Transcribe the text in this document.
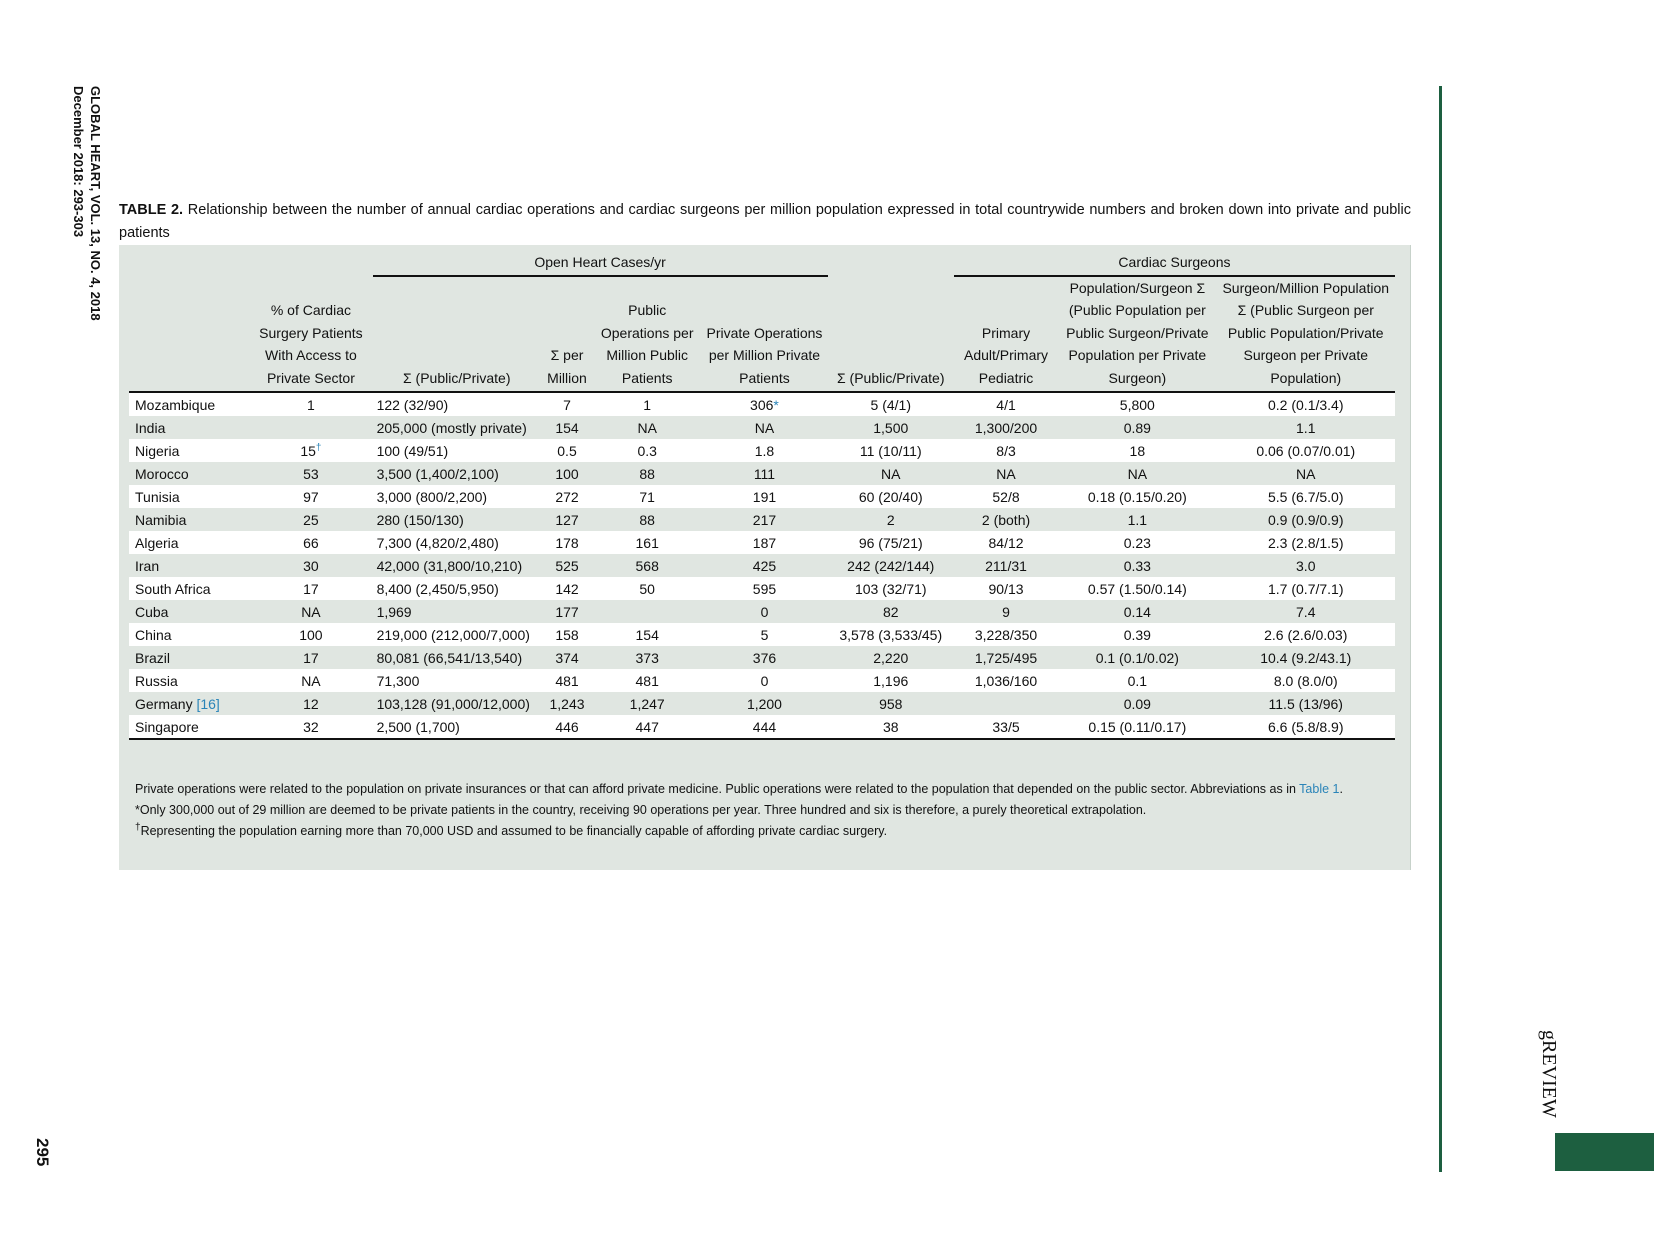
GLOBAL HEART, VOL. 13, NO. 4, 2018
December 2018: 293-303
295
gREVIEW
TABLE 2. Relationship between the number of annual cardiac operations and cardiac surgeons per million population expressed in total countrywide numbers and broken down into private and public patients
		Open Heart Cases/yr					Cardiac Surgeons		
	% of Cardiac Surgery Patients With Access to Private Sector	Σ (Public/Private)	Σ per Million	Public Operations per Million Public Patients	Private Operations per Million Private Patients	Σ (Public/Private)	Primary Adult/Primary Pediatric	Population/Surgeon Σ (Public Population per Public Surgeon/Private Population per Private Surgeon)	Surgeon/Million Population Σ (Public Surgeon per Public Population/Private Surgeon per Private Population)
Mozambique	1	122 (32/90)	7	1	306*	5 (4/1)	4/1	5,800	0.2 (0.1/3.4)
India		205,000 (mostly private)	154	NA	NA	1,500	1,300/200	0.89	1.1
Nigeria	15†	100 (49/51)	0.5	0.3	1.8	11 (10/11)	8/3	18	0.06 (0.07/0.01)
Morocco	53	3,500 (1,400/2,100)	100	88	111	NA	NA	NA	NA
Tunisia	97	3,000 (800/2,200)	272	71	191	60 (20/40)	52/8	0.18 (0.15/0.20)	5.5 (6.7/5.0)
Namibia	25	280 (150/130)	127	88	217	2	2 (both)	1.1	0.9 (0.9/0.9)
Algeria	66	7,300 (4,820/2,480)	178	161	187	96 (75/21)	84/12	0.23	2.3 (2.8/1.5)
Iran	30	42,000 (31,800/10,210)	525	568	425	242 (242/144)	211/31	0.33	3.0
South Africa	17	8,400 (2,450/5,950)	142	50	595	103 (32/71)	90/13	0.57 (1.50/0.14)	1.7 (0.7/7.1)
Cuba	NA	1,969	177		0	82	9	0.14	7.4
China	100	219,000 (212,000/7,000)	158	154	5	3,578 (3,533/45)	3,228/350	0.39	2.6 (2.6/0.03)
Brazil	17	80,081 (66,541/13,540)	374	373	376	2,220	1,725/495	0.1 (0.1/0.02)	10.4 (9.2/43.1)
Russia	NA	71,300	481	481	0	1,196	1,036/160	0.1	8.0 (8.0/0)
Germany [16]	12	103,128 (91,000/12,000)	1,243	1,247	1,200	958		0.09	11.5 (13/96)
Singapore	32	2,500 (1,700)	446	447	444	38	33/5	0.15 (0.11/0.17)	6.6 (5.8/8.9)

Private operations were related to the population on private insurances or that can afford private medicine. Public operations were related to the population that depended on the public sector. Abbreviations as in Table 1.

*Only 300,000 out of 29 million are deemed to be private patients in the country, receiving 90 operations per year. Three hundred and six is therefore, a purely theoretical extrapolation.

†Representing the population earning more than 70,000 USD and assumed to be financially capable of affording private cardiac surgery.
